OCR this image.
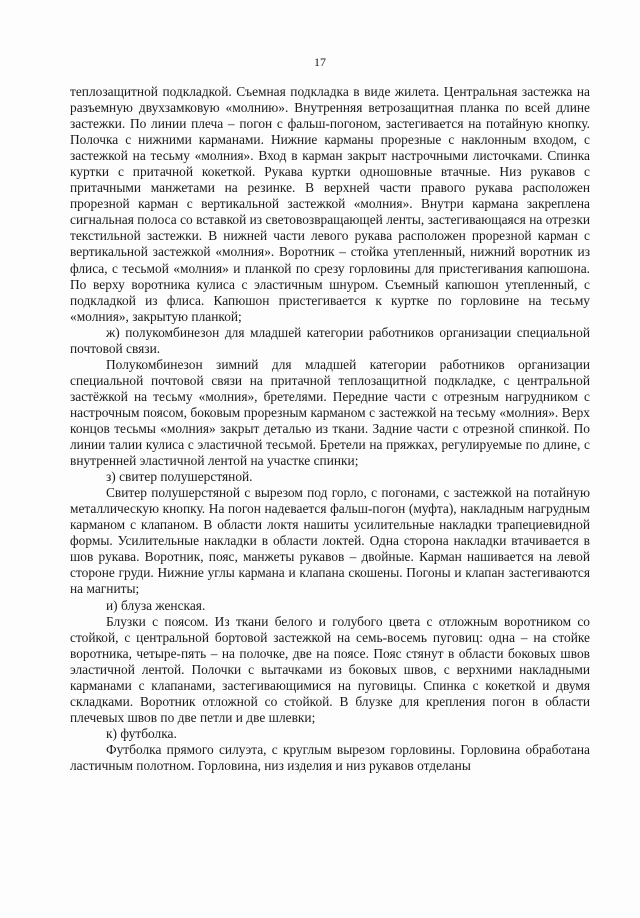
17

теплозащитной подкладкой. Съемная подкладка в виде жилета. Центральная застежка на разъемную двухзамковую «молнию». Внутренняя ветрозащитная планка по всей длине застежки. По линии плеча – погон с фальш-погоном, застегивается на потайную кнопку. Полочка с нижними карманами. Нижние карманы прорезные с наклонным входом, с застежкой на тесьму «молния». Вход в карман закрыт настрочными листочками. Спинка куртки с притачной кокеткой. Рукава куртки одношовные втачные. Низ рукавов с притачными манжетами на резинке. В верхней части правого рукава расположен прорезной карман с вертикальной застежкой «молния». Внутри кармана закреплена сигнальная полоса со вставкой из световозвращающей ленты, застегивающаяся на отрезки текстильной застежки. В нижней части левого рукава расположен прорезной карман с вертикальной застежкой «молния». Воротник – стойка утепленный, нижний воротник из флиса, с тесьмой «молния» и планкой по срезу горловины для пристегивания капюшона. По верху воротника кулиса с эластичным шнуром. Съемный капюшон утепленный, с подкладкой из флиса. Капюшон пристегивается к куртке по горловине на тесьму «молния», закрытую планкой;

ж) полукомбинезон для младшей категории работников организации специальной почтовой связи.

Полукомбинезон зимний для младшей категории работников организации специальной почтовой связи на притачной теплозащитной подкладке, с центральной застёжкой на тесьму «молния», бретелями. Передние части с отрезным нагрудником с настрочным поясом, боковым прорезным карманом с застежкой на тесьму «молния». Верх концов тесьмы «молния» закрыт деталью из ткани. Задние части с отрезной спинкой. По линии талии кулиса с эластичной тесьмой. Бретели на пряжках, регулируемые по длине, с внутренней эластичной лентой на участке спинки;

з) свитер полушерстяной.

Свитер полушерстяной с вырезом под горло, с погонами, с застежкой на потайную металлическую кнопку. На погон надевается фальш-погон (муфта), накладным нагрудным карманом с клапаном. В области локтя нашиты усилительные накладки трапециевидной формы. Усилительные накладки в области локтей. Одна сторона накладки втачивается в шов рукава. Воротник, пояс, манжеты рукавов – двойные. Карман нашивается на левой стороне груди. Нижние углы кармана и клапана скошены. Погоны и клапан застегиваются на магниты;

и) блуза женская.

Блузки с поясом. Из ткани белого и голубого цвета с отложным воротником со стойкой, с центральной бортовой застежкой на семь-восемь пуговиц: одна – на стойке воротника, четыре-пять – на полочке, две на поясе. Пояс стянут в области боковых швов эластичной лентой. Полочки с вытачками из боковых швов, с верхними накладными карманами с клапанами, застегивающимися на пуговицы. Спинка с кокеткой и двумя складками. Воротник отложной со стойкой. В блузке для крепления погон в области плечевых швов по две петли и две шлевки;

к) футболка.

Футболка прямого силуэта, с круглым вырезом горловины. Горловина обработана ластичным полотном. Горловина, низ изделия и низ рукавов отделаны
